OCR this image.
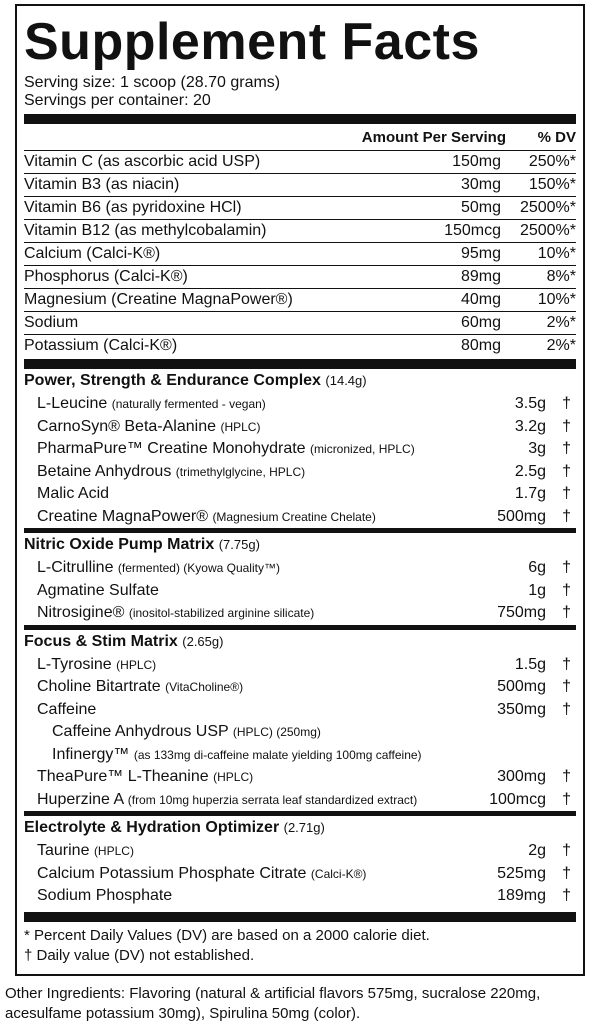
Supplement Facts
Serving size: 1 scoop (28.70 grams)
Servings per container: 20
Amount Per Serving % DV
Vitamin C (as ascorbic acid USP)	150mg 250%*
Vitamin B3 (as niacin)	30mg 150%*
Vitamin B6 (as pyridoxine HCl)	50mg 2500%*
Vitamin B12 (as methylcobalamin)	150mcg 2500%*
Calcium (Calci-K®)	95mg 10%*
Phosphorus (Calci-K®)	89mg	8%*
Magnesium (Creatine MagnaPower®)	40mg 10%*
Sodium	60mg	2%*
Potassium (Calci-K®)	80mg	2%*
Power, Strength & Endurance Complex (14.4g)
L-Leucine (naturally fermented - vegan)	3.5g †
CarnoSyn® Beta-Alanine (HPLC)	3.2g †
PharmaPure™ Creatine Monohydrate (micronized, HPLC)	3g †
Betaine Anhydrous (trimethylglycine, HPLC)	2.5g †
Malic Acid	1.7g †
Creatine MagnaPower® (Magnesium Creatine Chelate)	500mg †
Nitric Oxide Pump Matrix (7.75g)
L-Citrulline (fermented) (Kyowa Quality™)	6g †
Agmatine Sulfate	1g †
Nitrosigine® (inositol-stabilized arginine silicate)	750mg †
Focus & Stim Matrix (2.65g)
L-Tyrosine (HPLC)	1.5g †
Choline Bitartrate (VitaCholine®)	500mg †
Caffeine	350mg †
Caffeine Anhydrous USP (HPLC) (250mg)
Infinergy™ (as 133mg di-caffeine malate yielding 100mg caffeine)
TheaPure™ L-Theanine (HPLC)	300mg †
Huperzine A (from 10mg huperzia serrata leaf standardized extract)	100mcg †
Electrolyte & Hydration Optimizer (2.71g)
Taurine (HPLC)	2g †
Calcium Potassium Phosphate Citrate (Calci-K®)	525mg †
Sodium Phosphate	189mg †
* Percent Daily Values (DV) are based on a 2000 calorie diet.
† Daily value (DV) not established.
Other Ingredients: Flavoring (natural & artificial flavors 575mg, sucralose 220mg, acesulfame potassium 30mg), Spirulina 50mg (color).
